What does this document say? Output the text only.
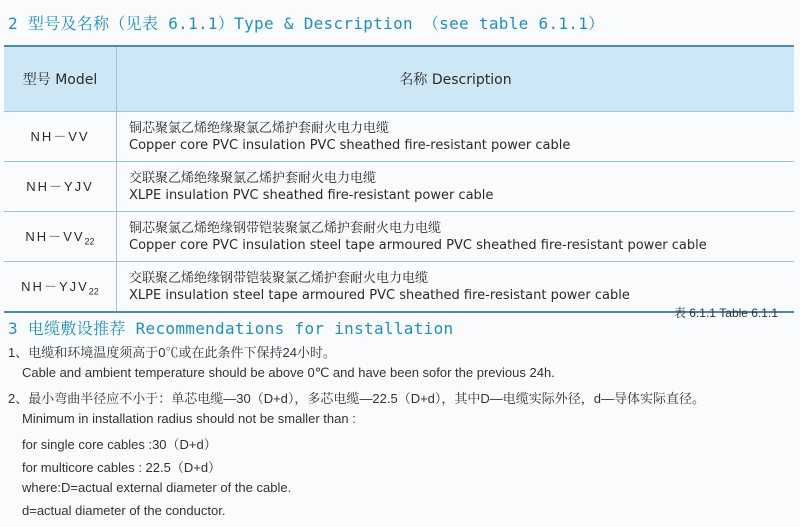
2 型号及名称（见表 6.1.1）Type & Description （see table 6.1.1）
型号 Model	名称 Description
NH－VV	铜芯聚氯乙烯绝缘聚氯乙烯护套耐火电力电缆
Copper core PVC insulation PVC sheathed fire-resistant power cable

NH－YJV	交联聚乙烯绝缘聚氯乙烯护套耐火电力电缆
XLPE insulation PVC sheathed fire-resistant power cable

$NH-VV_{22}$	铜芯聚氯乙烯绝缘钢带铠装聚氯乙烯护套耐火电力电缆
Copper core PVC insulation steel tape armoured PVC sheathed fire-resistant power cable

$NH-YJV_{22}$	交联聚乙烯绝缘钢带铠装聚氯乙烯护套耐火电力电缆
XLPE insulation steel tape armoured PVC sheathed fire-resistant power cable
表 6.1.1 Table 6.1.1
3 电缆敷设推荐 Recommendations for installation
1、电缆和环境温度须高于0℃或在此条件下保持24小时。
Cable and ambient temperature should be above 0℃ and have been sofor the previous 24h.
2、最小弯曲半径应不小于：单芯电缆—30（D+d），多芯电缆—22.5（D+d），其中D—电缆实际外径，d—导体实际直径。
Minimum in installation radius should not be smaller than :
for single core cables :30（D+d）
for multicore cables : 22.5（D+d）
where:D=actual external diameter of the cable.
d=actual diameter of the conductor.
